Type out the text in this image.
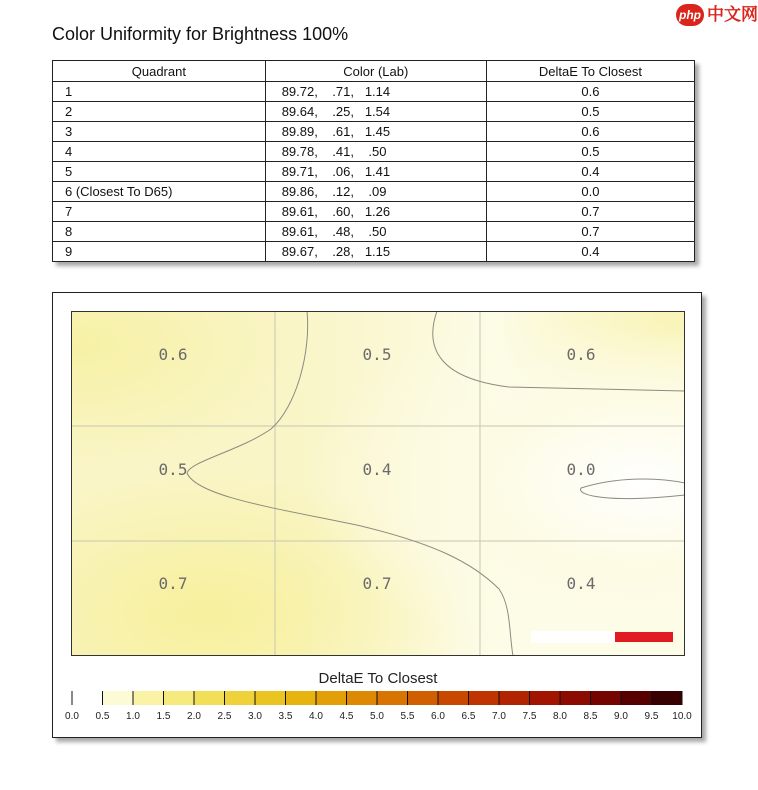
php 中文网
Color Uniformity for Brightness 100%
Quadrant	Color (Lab)	DeltaE To Closest
1	89.72,    .71,   1.14	0.6
2	89.64,    .25,   1.54	0.5
3	89.89,    .61,   1.45	0.6
4	89.78,    .41,    .50	0.5
5	89.71,    .06,   1.41	0.4
6 (Closest To D65)	89.86,    .12,    .09	0.0
7	89.61,    .60,   1.26	0.7
8	89.61,    .48,    .50	0.7
9	89.67,    .28,   1.15	0.4
0.6	0.5	0.6
0.5	0.4	0.0
0.7	0.7	0.4
DeltaE To Closest
0.0 0.5 1.0 1.5 2.0 2.5 3.0 3.5 4.0 4.5 5.0 5.5 6.0 6.5 7.0 7.5 8.0 8.5 9.0 9.5 10.0
